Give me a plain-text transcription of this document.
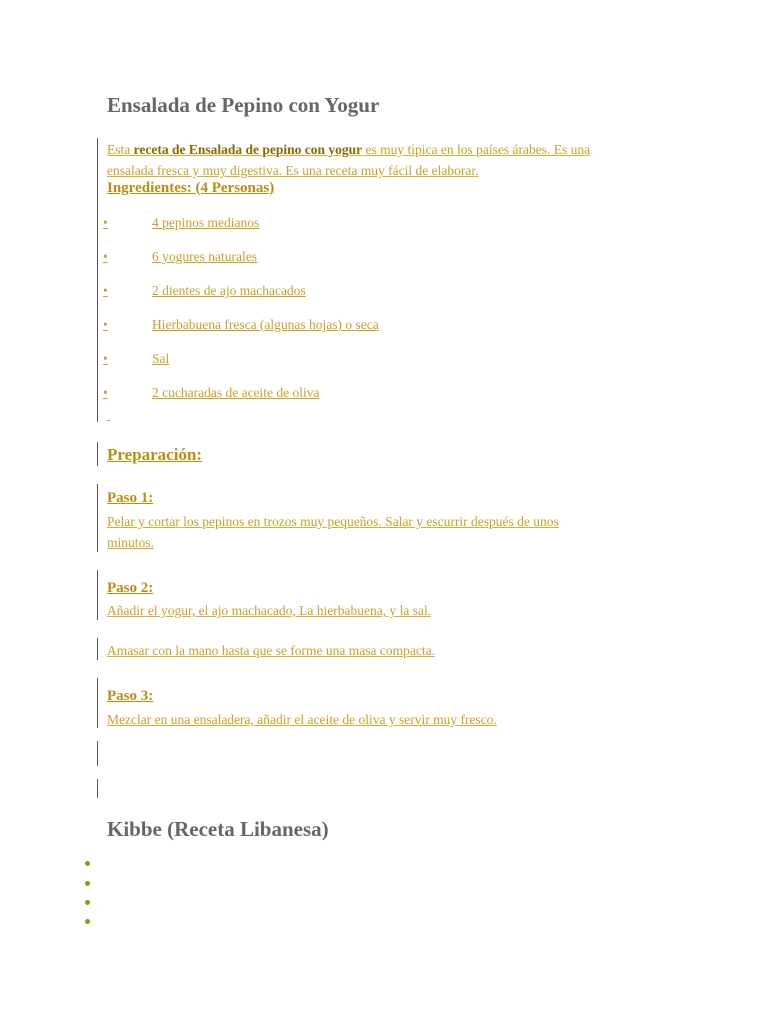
Ensalada de Pepino con Yogur
Esta receta de Ensalada de pepino con yogur es muy típica en los países árabes. Es una
ensalada fresca y muy digestiva. Es una receta muy fácil de elaborar.
Ingredientes: (4 Personas)
•	4 pepinos medianos
•	6 yogures naturales
•	2 dientes de ajo machacados
•	Hierbabuena fresca (algunas hojas) o seca
•	Sal
•	2 cucharadas de aceite de oliva
Preparación:
Paso 1:
Pelar y cortar los pepinos en trozos muy pequeños. Salar y escurrir después de unos
minutos.
Paso 2:
Añadir el yogur, el ajo machacado, La hierbabuena, y la sal.
Amasar con la mano hasta que se forme una masa compacta.
Paso 3:
Mezclar en una ensaladera, añadir el aceite de oliva y servir muy fresco.
Kibbe (Receta Libanesa)
